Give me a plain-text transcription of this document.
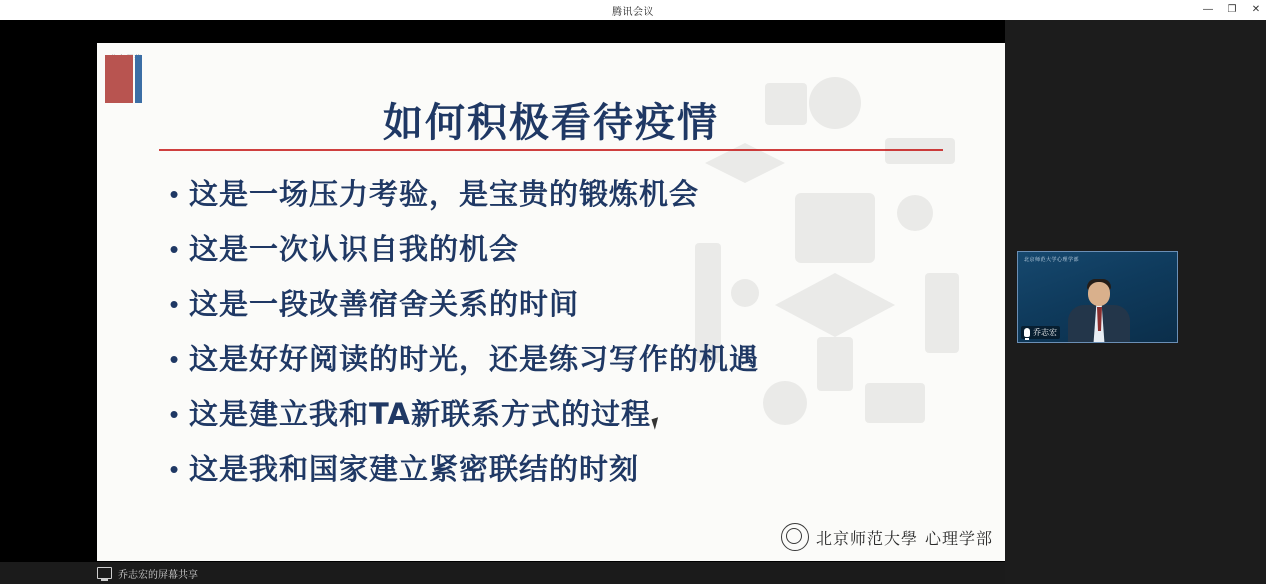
腾讯会议	— ❐ ✕
如何积极看待疫情
• 这是一场压力考验，是宝贵的锻炼机会
• 这是一次认识自我的机会
• 这是一段改善宿舍关系的时间
• 这是好好阅读的时光，还是练习写作的机遇
• 这是建立我和TA新联系方式的过程
• 这是我和国家建立紧密联结的时刻
北京师范大學 心理学部
乔志宏的屏幕共享
北京师范大学心理学部
乔志宏
